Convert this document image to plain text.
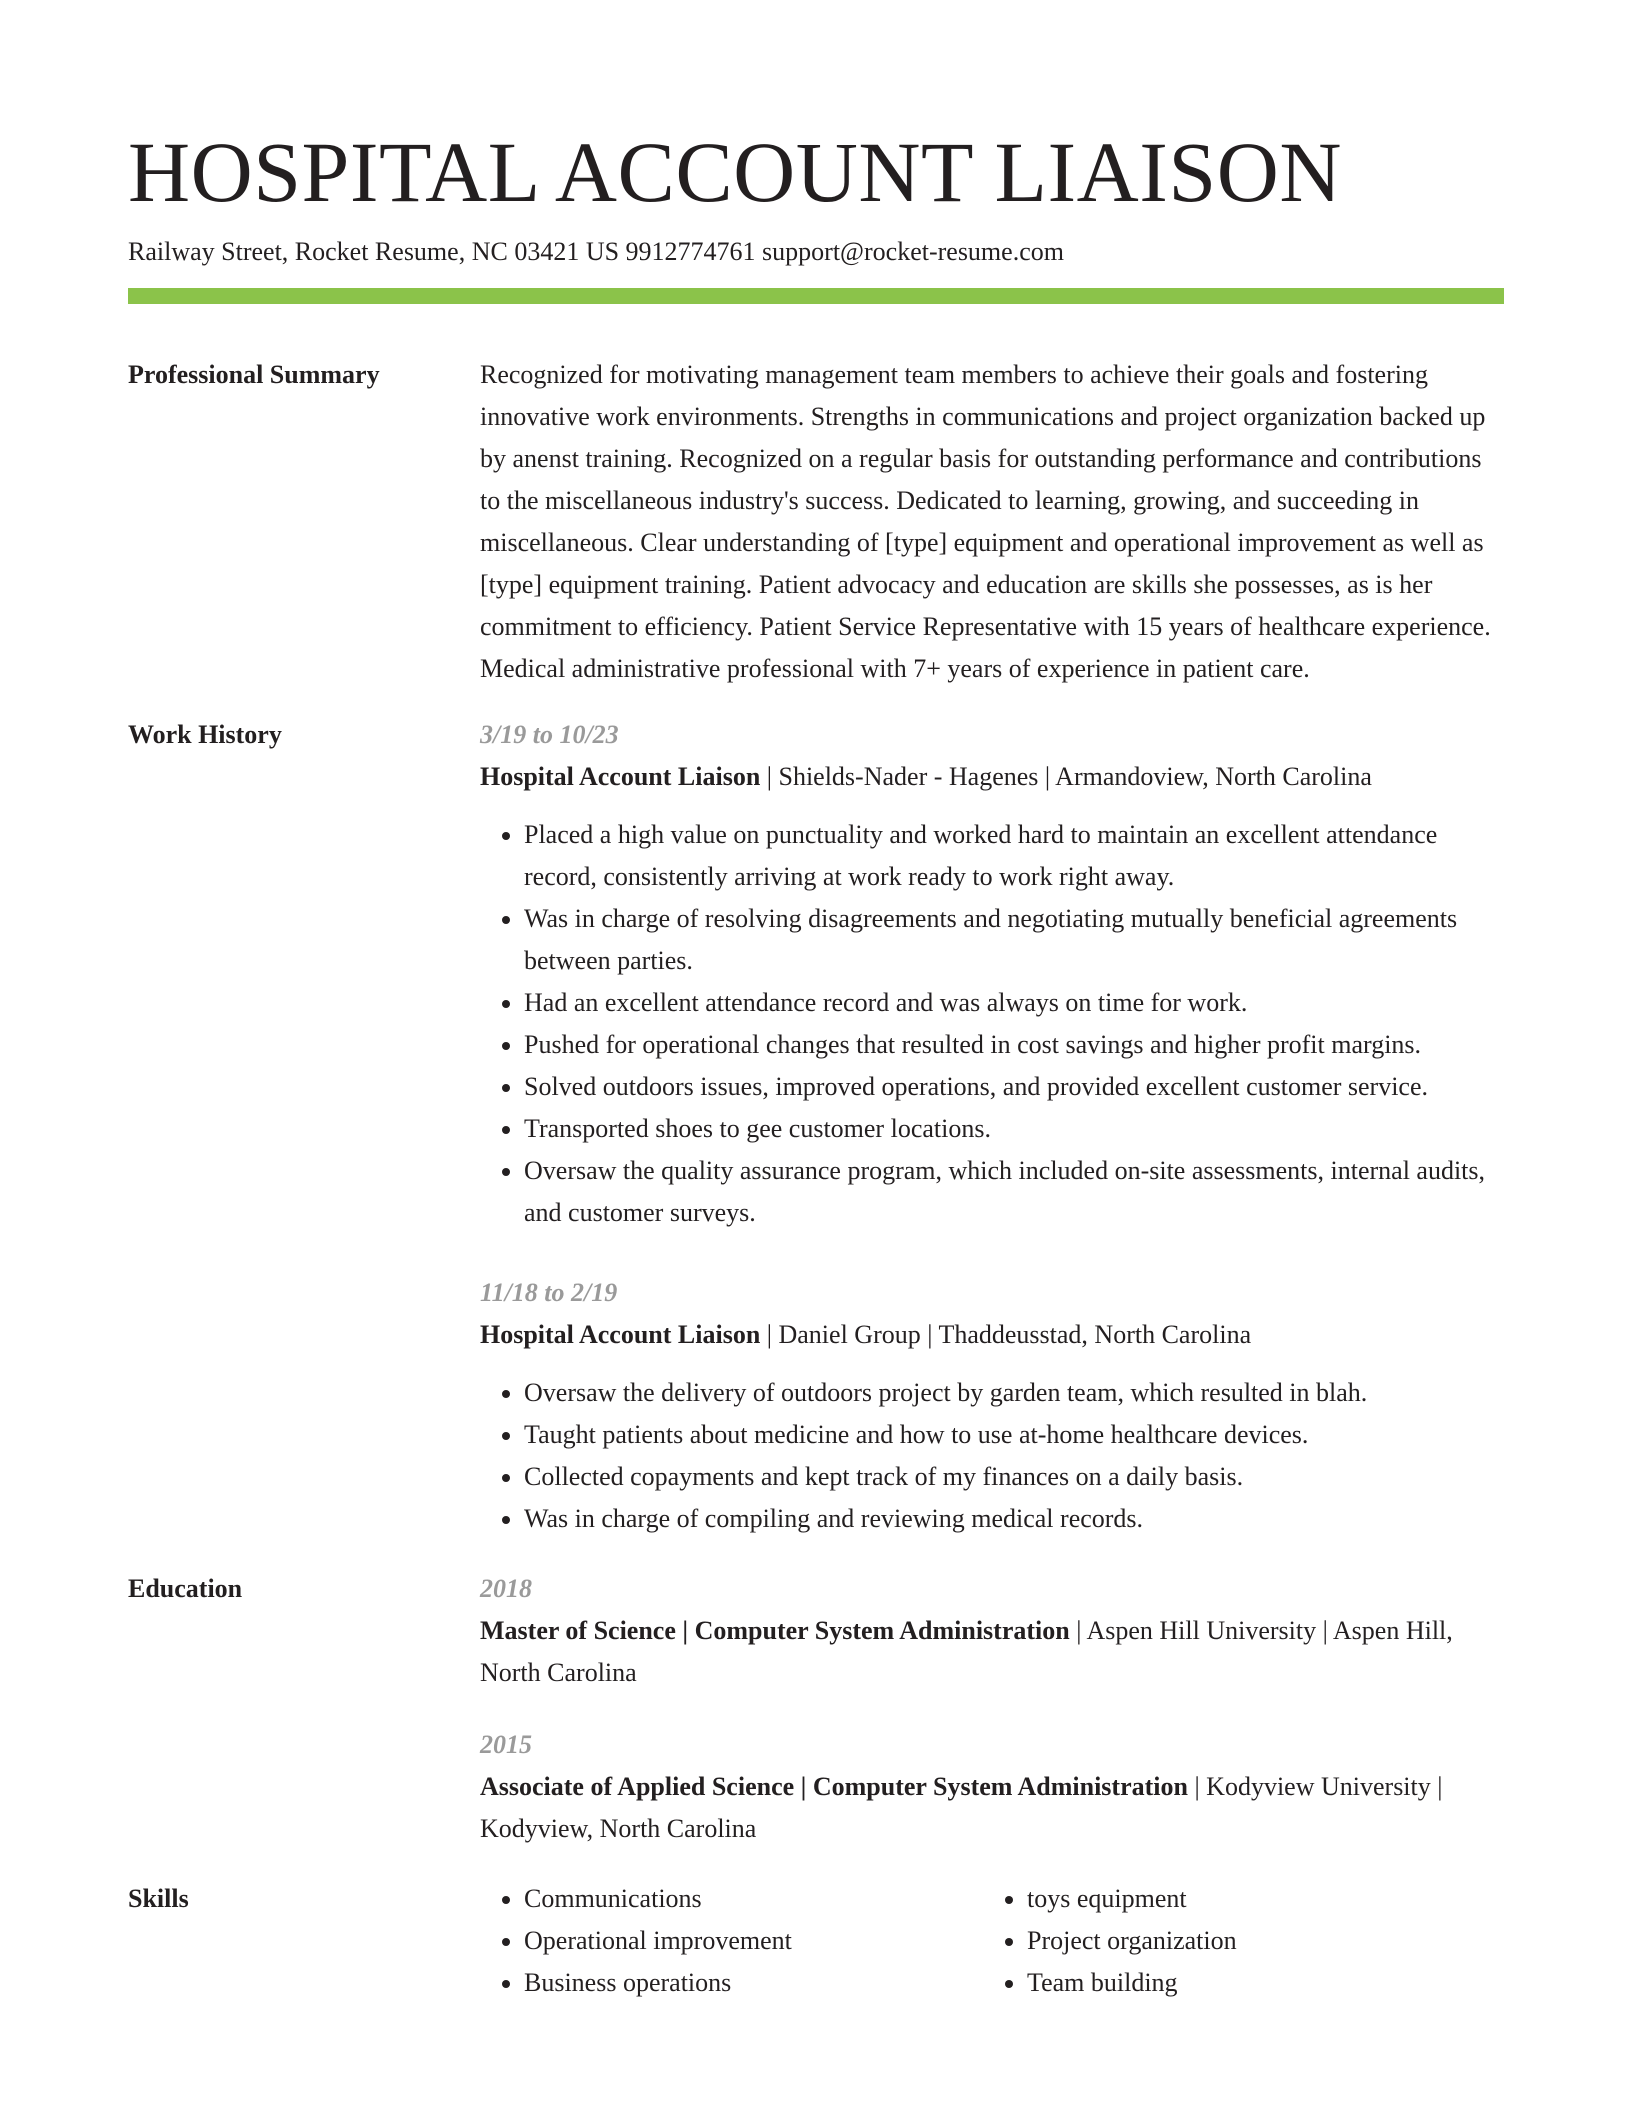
HOSPITAL ACCOUNT LIAISON
Railway Street, Rocket Resume, NC 03421 US 9912774761 support@rocket-resume.com
Professional Summary	Recognized for motivating management team members to achieve their goals and fostering innovative work environments. Strengths in communications and project organization backed up by anenst training. Recognized on a regular basis for outstanding performance and contributions to the miscellaneous industry's success. Dedicated to learning, growing, and succeeding in miscellaneous. Clear understanding of [type] equipment and operational improvement as well as [type] equipment training. Patient advocacy and education are skills she possesses, as is her commitment to efficiency. Patient Service Representative with 15 years of healthcare experience. Medical administrative professional with 7+ years of experience in patient care.
Work History	3/19 to 10/23
Hospital Account Liaison | Shields-Nader - Hagenes | Armandoview, North Carolina
• Placed a high value on punctuality and worked hard to maintain an excellent attendance record, consistently arriving at work ready to work right away.
• Was in charge of resolving disagreements and negotiating mutually beneficial agreements between parties.
• Had an excellent attendance record and was always on time for work.
• Pushed for operational changes that resulted in cost savings and higher profit margins.
• Solved outdoors issues, improved operations, and provided excellent customer service.
• Transported shoes to gee customer locations.
• Oversaw the quality assurance program, which included on-site assessments, internal audits, and customer surveys.
11/18 to 2/19
Hospital Account Liaison | Daniel Group | Thaddeusstad, North Carolina
• Oversaw the delivery of outdoors project by garden team, which resulted in blah.
• Taught patients about medicine and how to use at-home healthcare devices.
• Collected copayments and kept track of my finances on a daily basis.
• Was in charge of compiling and reviewing medical records.
Education	2018
Master of Science | Computer System Administration | Aspen Hill University | Aspen Hill, North Carolina
2015
Associate of Applied Science | Computer System Administration | Kodyview University | Kodyview, North Carolina
Skills
•	Communications
• Operational improvement
• Business operations
• toys equipment
• Project organization
• Team building
